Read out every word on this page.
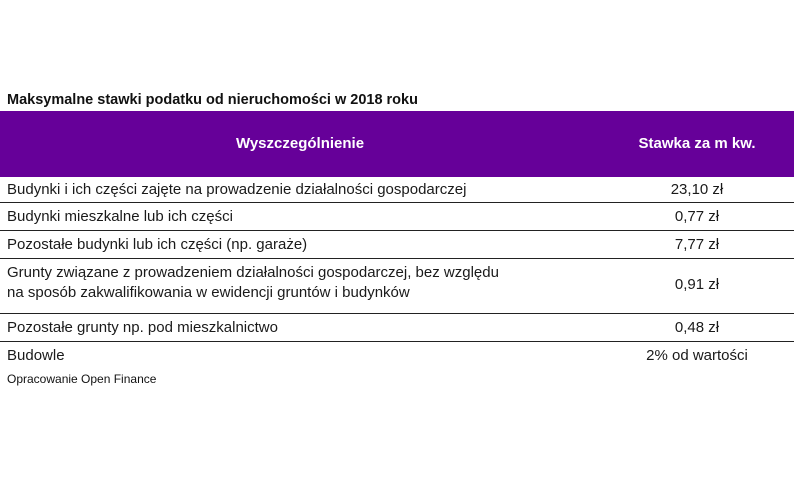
Maksymalne stawki podatku od nieruchomości w 2018 roku
Wyszczególnienie	Stawka za m kw.
Budynki i ich części zajęte na prowadzenie działalności gospodarczej	23,10 zł
Budynki mieszkalne lub ich części	0,77 zł
Pozostałe budynki lub ich części (np. garaże)	7,77 zł
Grunty związane z prowadzeniem działalności gospodarczej, bez względu
na sposób zakwalifikowania w ewidencji gruntów i budynków	0,91 zł
Pozostałe grunty np. pod mieszkalnictwo	0,48 zł
Budowle	2% od wartości
Opracowanie Open Finance
